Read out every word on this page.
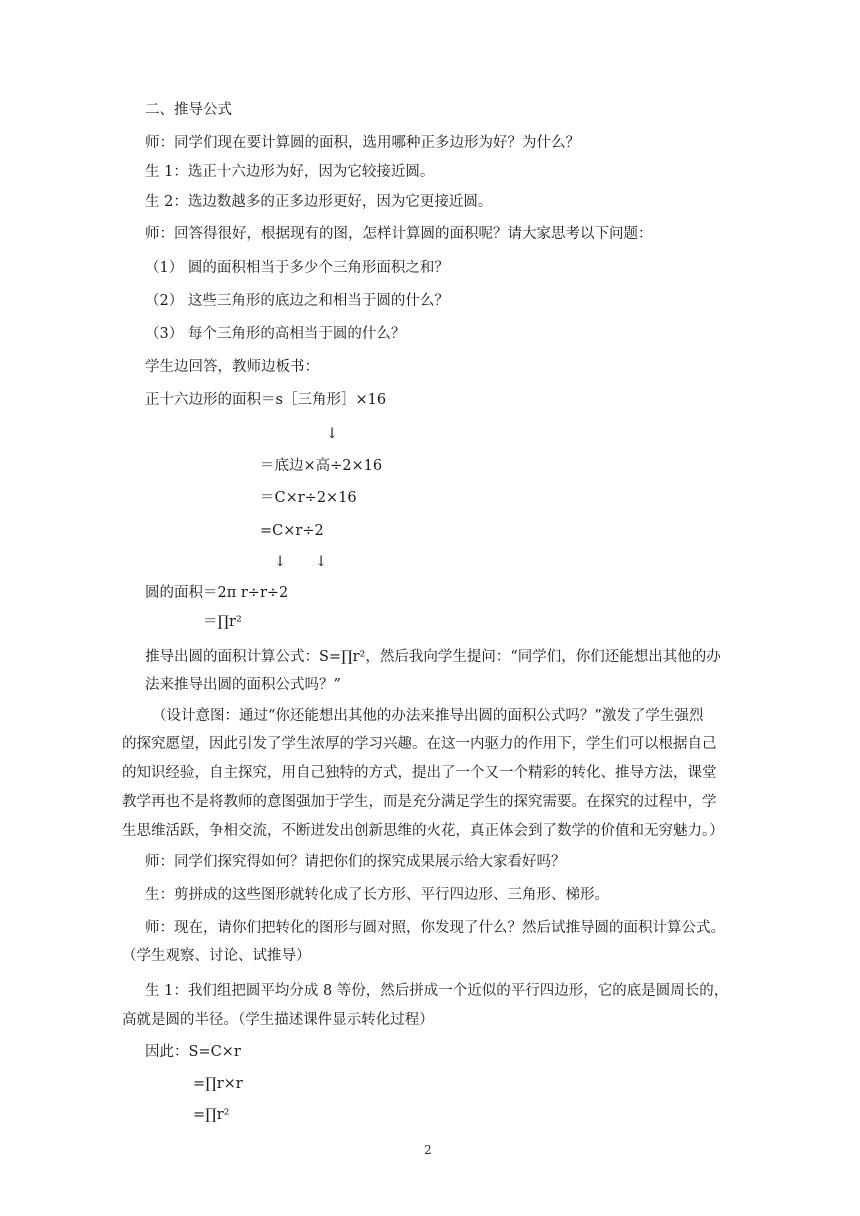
二、推导公式
师：同学们现在要计算圆的面积，选用哪种正多边形为好？为什么？
生 1：选正十六边形为好，因为它较接近圆。
生 2：选边数越多的正多边形更好，因为它更接近圆。
师：回答得很好，根据现有的图，怎样计算圆的面积呢？请大家思考以下问题：
（1） 圆的面积相当于多少个三角形面积之和？
（2） 这些三角形的底边之和相当于圆的什么？
（3） 每个三角形的高相当于圆的什么？
学生边回答，教师边板书：
正十六边形的面积＝s［三角形］×16
↓
＝底边×高÷2×16
＝C×r÷2×16
=C×r÷2
↓ ↓
圆的面积＝2π r÷r÷2
＝∏r²
推导出圆的面积计算公式：S=∏r²，然后我向学生提问：“同学们，你们还能想出其他的办
法来推导出圆的面积公式吗？”
（设计意图：通过“你还能想出其他的办法来推导出圆的面积公式吗？”激发了学生强烈
的探究愿望，因此引发了学生浓厚的学习兴趣。在这一内驱力的作用下，学生们可以根据自己
的知识经验，自主探究，用自己独特的方式，提出了一个又一个精彩的转化、推导方法，课堂
教学再也不是将教师的意图强加于学生，而是充分满足学生的探究需要。在探究的过程中，学
生思维活跃，争相交流，不断迸发出创新思维的火花，真正体会到了数学的价值和无穷魅力。）
师：同学们探究得如何？请把你们的探究成果展示给大家看好吗？
生：剪拼成的这些图形就转化成了长方形、平行四边形、三角形、梯形。
师：现在，请你们把转化的图形与圆对照，你发现了什么？然后试推导圆的面积计算公式。
（学生观察、讨论、试推导）
生 1：我们组把圆平均分成 8 等份，然后拼成一个近似的平行四边形，它的底是圆周长的，
高就是圆的半径。（学生描述课件显示转化过程）
因此：S=C×r
=∏r×r
=∏r²
2
